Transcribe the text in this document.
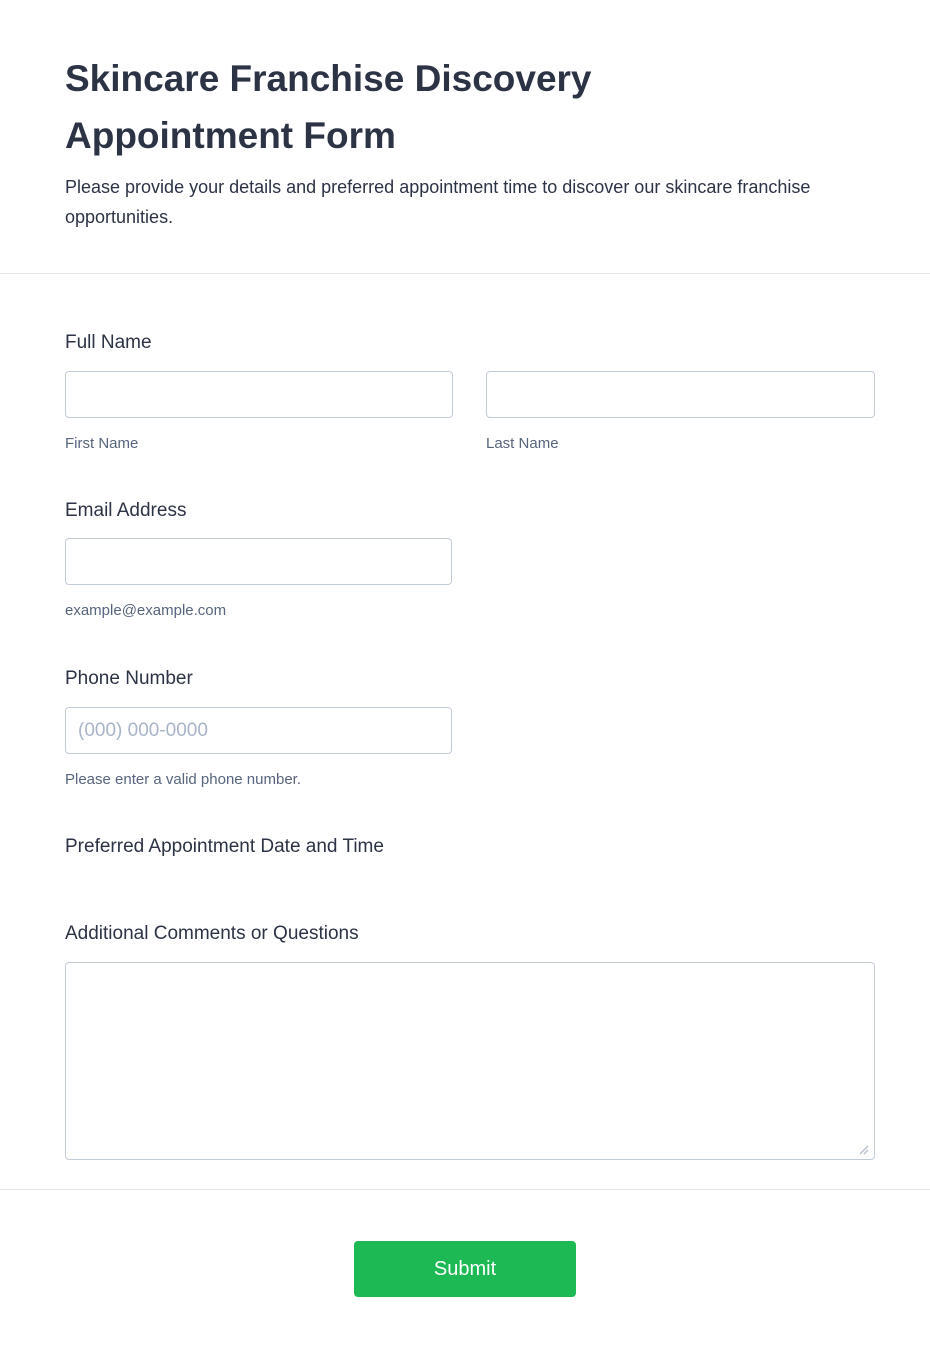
Skincare Franchise Discovery Appointment Form

Please provide your details and preferred appointment time to discover our skincare franchise opportunities.

Full Name
First Name	Last Name
Email Address
example@example.com
Phone Number
(000) 000-0000
Please enter a valid phone number.
Preferred Appointment Date and Time
Additional Comments or Questions
Submit
